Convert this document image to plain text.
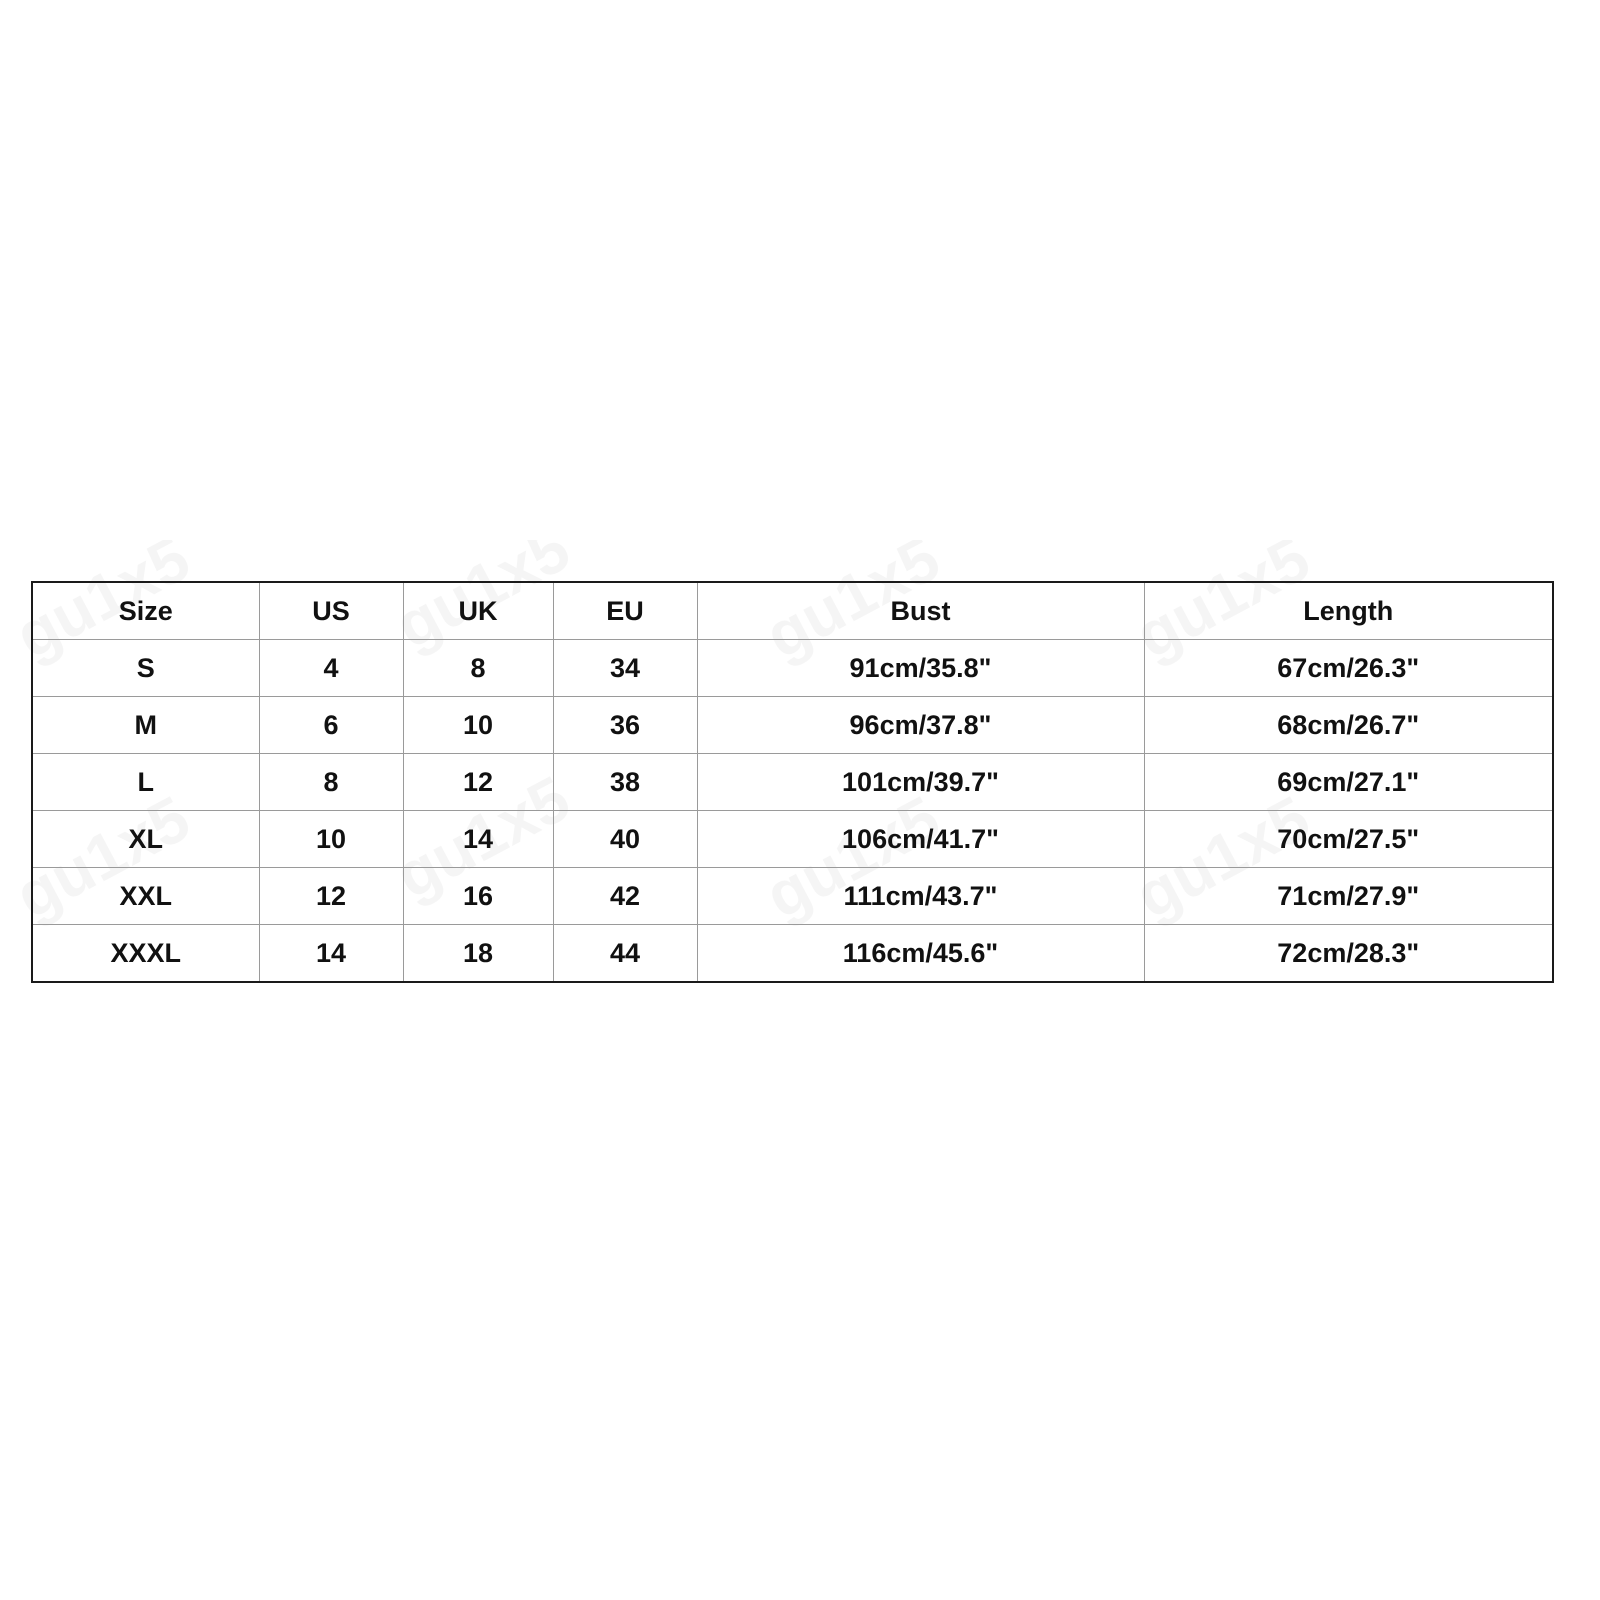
Size	US	UK	EU	Bust	Length
S	4	8	34	91cm/35.8"	67cm/26.3"
M	6	10	36	96cm/37.8"	68cm/26.7"
L	8	12	38	101cm/39.7"	69cm/27.1"
XL	10	14	40	106cm/41.7"	70cm/27.5"
XXL	12	16	42	111cm/43.7"	71cm/27.9"
XXXL	14	18	44	116cm/45.6"	72cm/28.3"
